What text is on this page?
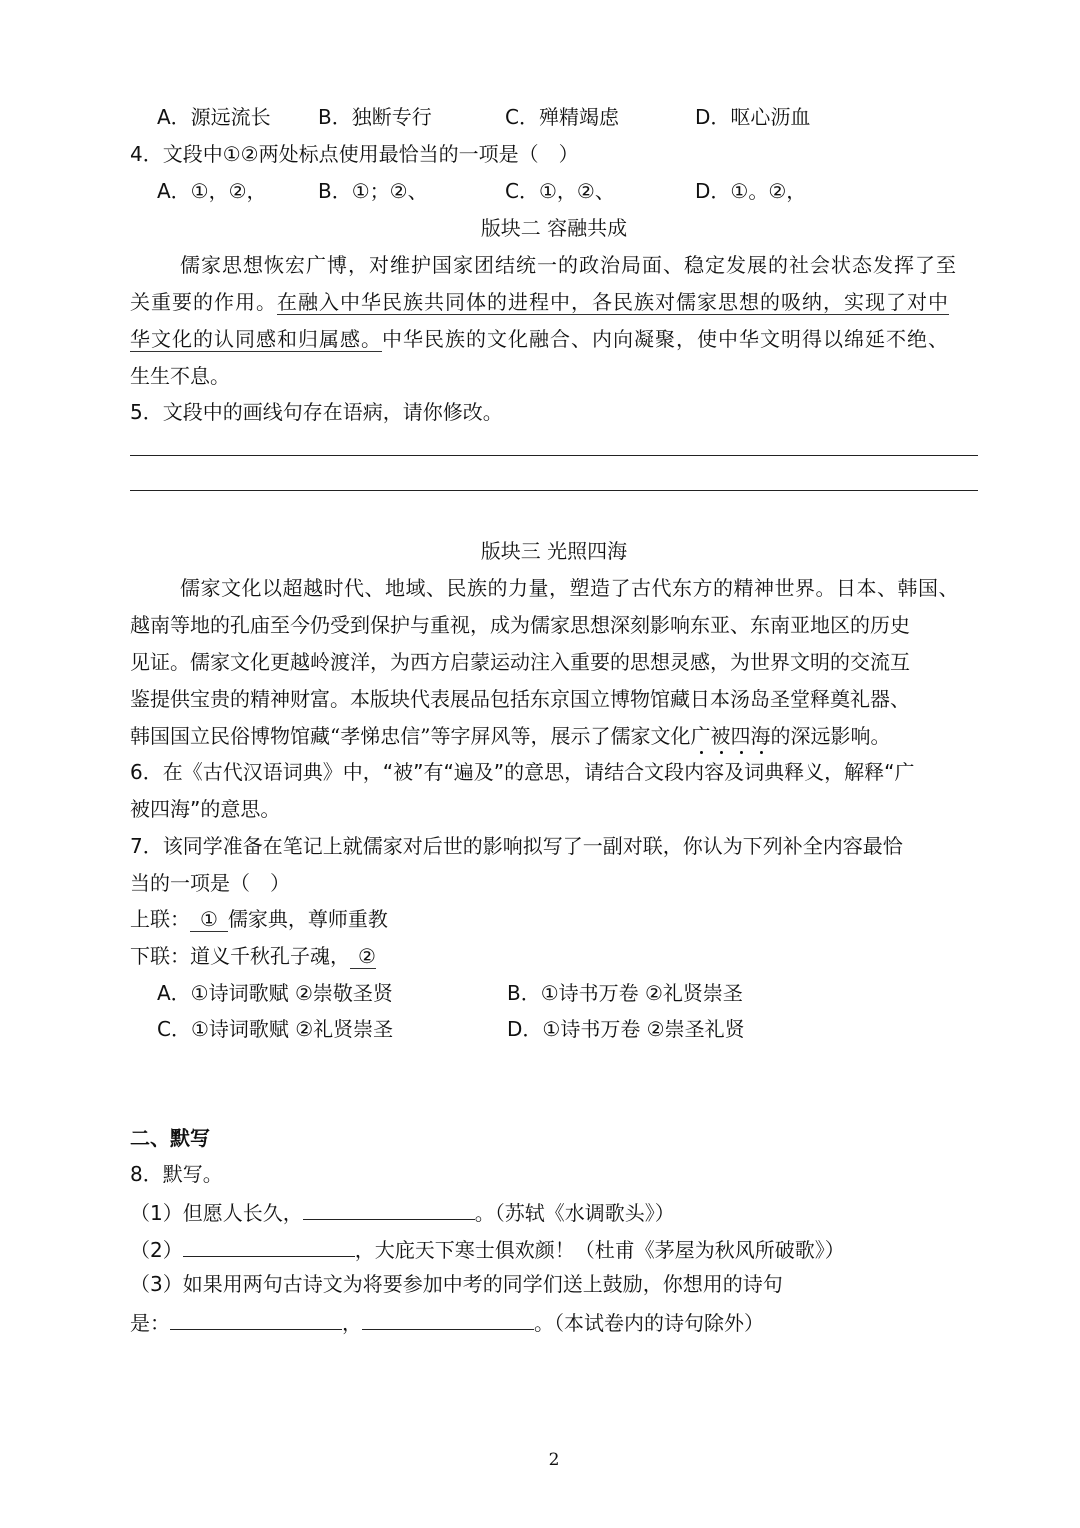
A．源远流长 B．独断专行	C．殚精竭虑	D．呕心沥血
4．文段中①②两处标点使用最恰当的一项是（　）
A．①，②，	B．①；②、	C．①，②、	D．①。②，
版块二 容融共成
儒家思想恢宏广博，对维护国家团结统一的政治局面、稳定发展的社会状态发挥了至
关重要的作用。在融入中华民族共同体的进程中，各民族对儒家思想的吸纳，实现了对中
华文化的认同感和归属感。中华民族的文化融合、内向凝聚，使中华文明得以绵延不绝、
生生不息。
5．文段中的画线句存在语病，请你修改。
版块三 光照四海
儒家文化以超越时代、地域、民族的力量，塑造了古代东方的精神世界。日本、韩国、
越南等地的孔庙至今仍受到保护与重视，成为儒家思想深刻影响东亚、东南亚地区的历史
见证。儒家文化更越岭渡洋，为西方启蒙运动注入重要的思想灵感，为世界文明的交流互
鉴提供宝贵的精神财富。本版块代表展品包括东京国立博物馆藏日本汤岛圣堂释奠礼器、
韩国国立民俗博物馆藏“孝悌忠信”等字屏风等，展示了儒家文化广被四海的深远影响。
6．在《古代汉语词典》中，“被”有“遍及”的意思，请结合文段内容及词典释义，解释“广
被四海”的意思。
7．该同学准备在笔记上就儒家对后世的影响拟写了一副对联，你认为下列补全内容最恰
当的一项是（　）
上联： ① 儒家典，尊师重教
下联：道义千秋孔子魂， ②
A．①诗词歌赋 ②崇敬圣贤	B．①诗书万卷 ②礼贤崇圣
C．①诗词歌赋 ②礼贤崇圣	D．①诗书万卷 ②崇圣礼贤
二、默写
8．默写。
（1）但愿人长久，	。（苏轼《水调歌头》）
（2）	，大庇天下寒士俱欢颜！（杜甫《茅屋为秋风所破歌》）
（3）如果用两句古诗文为将要参加中考的同学们送上鼓励，你想用的诗句
是：	，	。（本试卷内的诗句除外）
2
